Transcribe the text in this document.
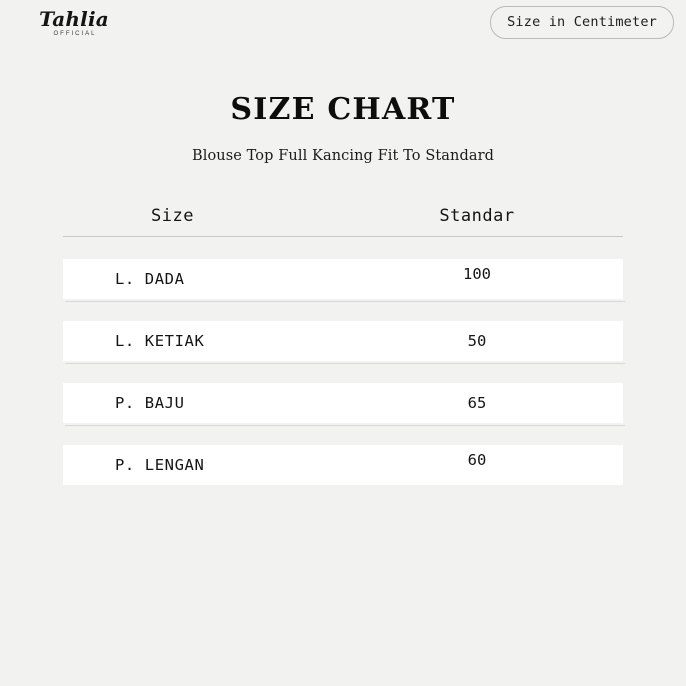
Tahlia
OFFICIAL
Size in Centimeter
SIZE CHART
Blouse Top Full Kancing Fit To Standard
Size	Standar
L. DADA	100
L. KETIAK	50
P. BAJU	65
P. LENGAN	60
